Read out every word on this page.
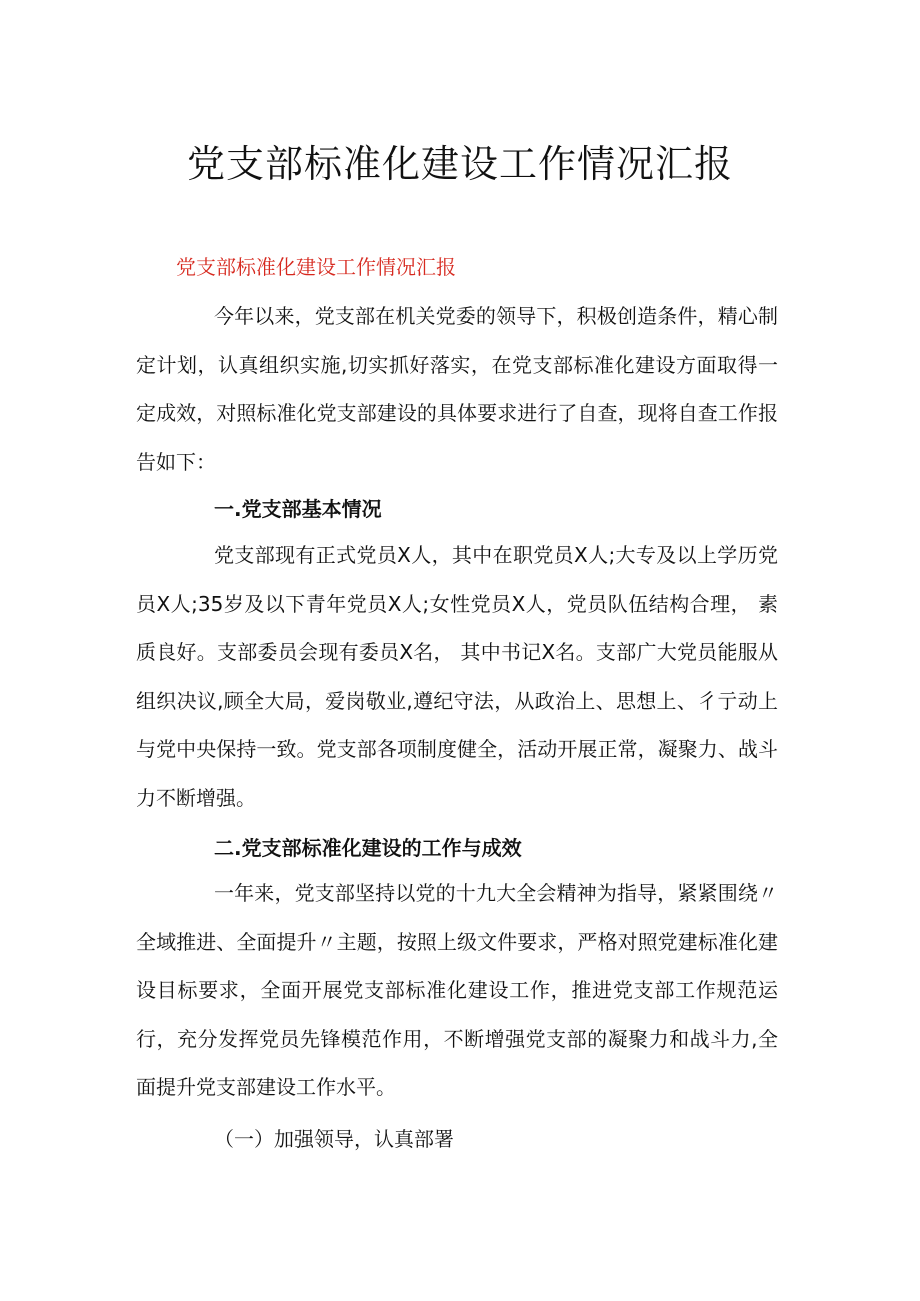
党支部标准化建设工作情况汇报

党支部标准化建设工作情况汇报

今年以来，党支部在机关党委的领导下，积极创造条件，精心制定计划，认真组织实施,切实抓好落实，在党支部标准化建设方面取得一定成效，对照标准化党支部建设的具体要求进行了自查，现将自查工作报告如下：

一.党支部基本情况

党支部现有正式党员X人，其中在职党员X人;大专及以上学历党员X人;35岁及以下青年党员X人;女性党员X人，党员队伍结构合理， 素质良好。支部委员会现有委员X名， 其中书记X名。支部广大党员能服从组织决议,顾全大局，爱岗敬业,遵纪守法，从政治上、思想上、彳亍动上与党中央保持一致。党支部各项制度健全，活动开展正常，凝聚力、战斗力不断增强。

二.党支部标准化建设的工作与成效

一年来，党支部坚持以党的十九大全会精神为指导，紧紧围绕〃全域推进、全面提升〃主题，按照上级文件要求，严格对照党建标准化建设目标要求，全面开展党支部标准化建设工作，推进党支部工作规范运行，充分发挥党员先锋模范作用，不断增强党支部的凝聚力和战斗力,全面提升党支部建设工作水平。

（一）加强领导，认真部署
